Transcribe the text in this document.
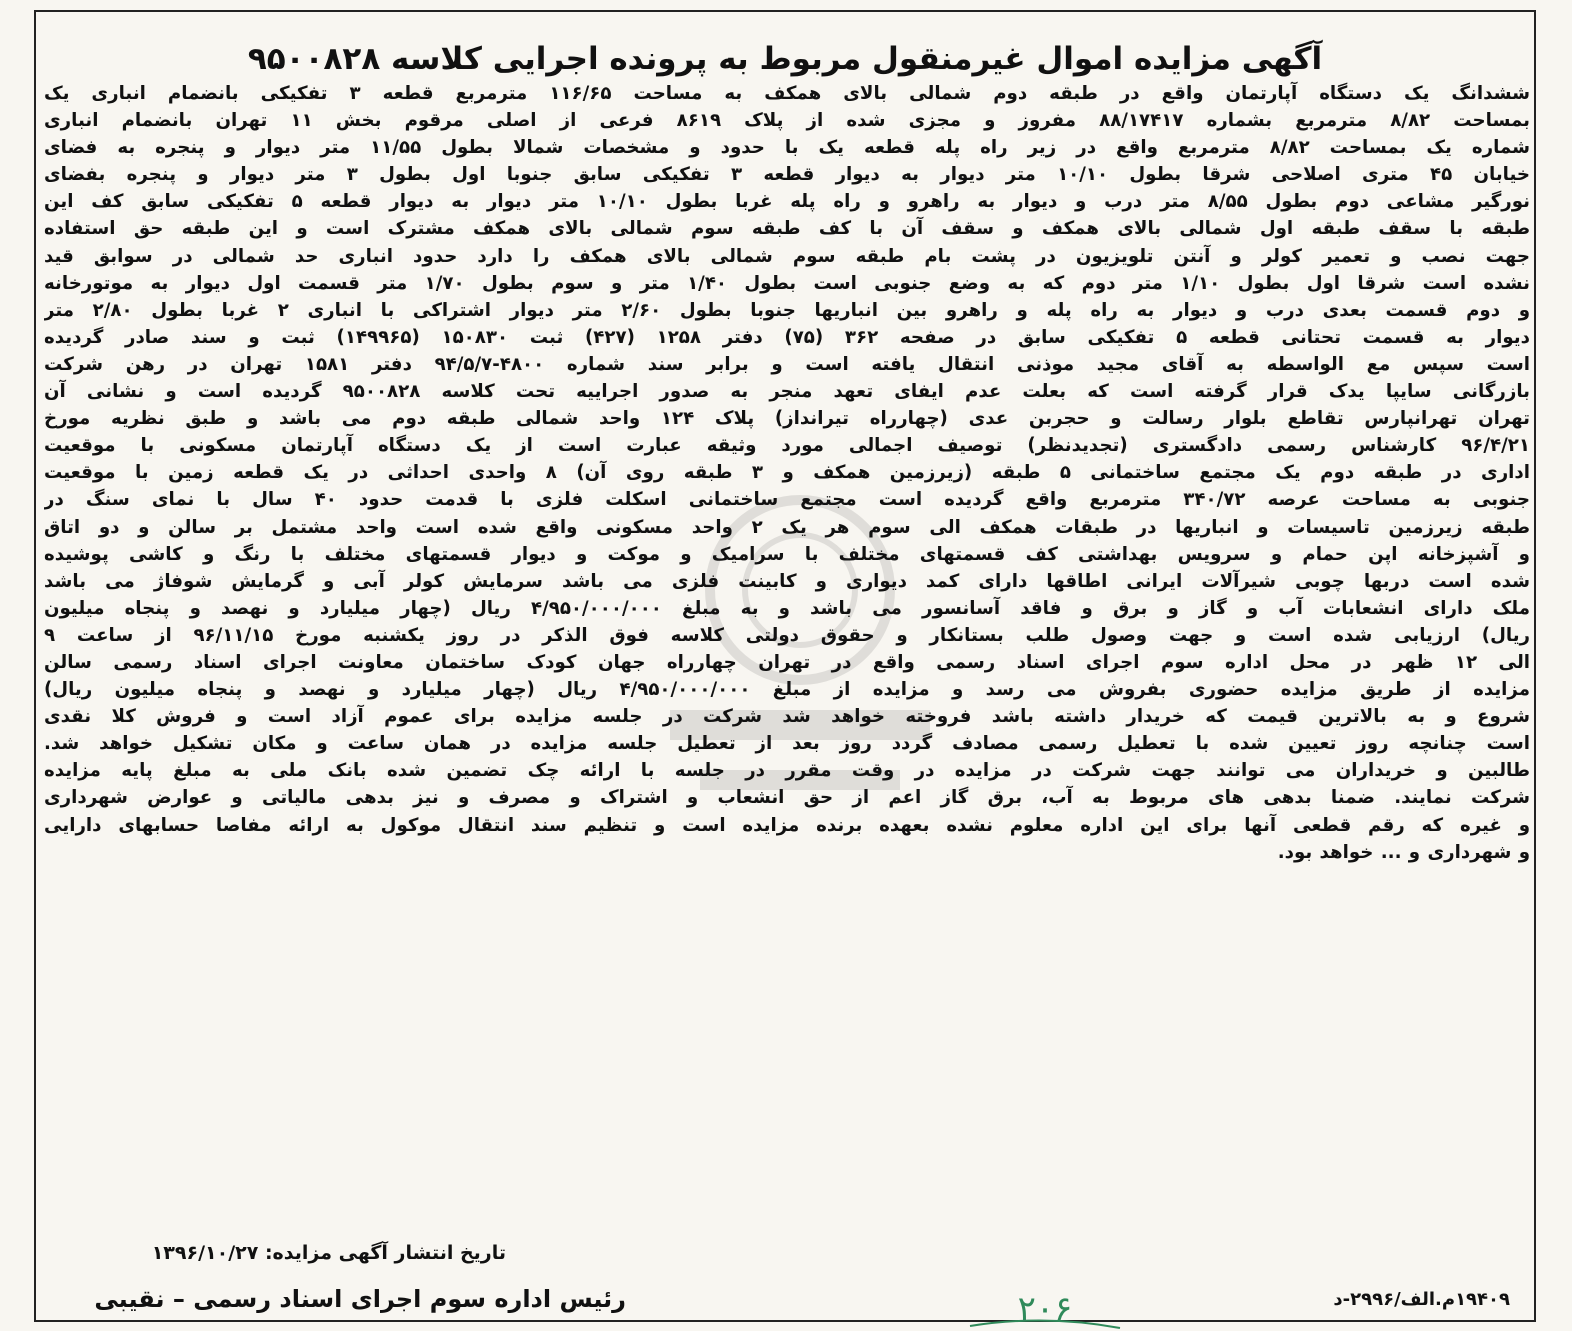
آگهی مزایده اموال غیرمنقول مربوط به پرونده اجرایی کلاسه ۹۵۰۰۸۲۸
ششدانگ یک دستگاه آپارتمان واقع در طبقه دوم شمالی بالای همکف به مساحت ۱۱۶/۶۵ مترمربع قطعه ۳ تفکیکی بانضمام انباری یک
بمساحت ۸/۸۲ مترمربع بشماره ۸۸/۱۷۴۱۷ مفروز و مجزی شده از پلاک ۸۶۱۹ فرعی از اصلی مرقوم بخش ۱۱ تهران بانضمام انباری
شماره یک بمساحت ۸/۸۲ مترمربع واقع در زیر راه پله قطعه یک با حدود و مشخصات شمالا بطول ۱۱/۵۵ متر دیوار و پنجره به فضای
خیابان ۴۵ متری اصلاحی شرقا بطول ۱۰/۱۰ متر دیوار به دیوار قطعه ۳ تفکیکی سابق جنوبا اول بطول ۳ متر دیوار و پنجره بفضای
نورگیر مشاعی دوم بطول ۸/۵۵ متر درب و دیوار به راهرو و راه پله غربا بطول ۱۰/۱۰ متر دیوار به دیوار قطعه ۵ تفکیکی سابق کف این
طبقه با سقف طبقه اول شمالی بالای همکف و سقف آن با کف طبقه سوم شمالی بالای همکف مشترک است و این طبقه حق استفاده
جهت نصب و تعمیر کولر و آنتن تلویزیون در پشت بام طبقه سوم شمالی بالای همکف را دارد حدود انباری حد شمالی در سوابق قید
نشده است شرقا اول بطول ۱/۱۰ متر دوم که به وضع جنوبی است بطول ۱/۴۰ متر و سوم بطول ۱/۷۰ متر قسمت اول دیوار به موتورخانه
و دوم قسمت بعدی درب و دیوار به راه پله و راهرو بین انباریها جنوبا بطول ۲/۶۰ متر دیوار اشتراکی با انباری ۲ غربا بطول ۲/۸۰ متر
دیوار به قسمت تحتانی قطعه ۵ تفکیکی سابق در صفحه ۳۶۲ (۷۵) دفتر ۱۲۵۸ (۴۲۷) ثبت ۱۵۰۸۳۰ (۱۴۹۹۶۵) ثبت و سند صادر گردیده
است سپس مع الواسطه به آقای مجید موذنی انتقال یافته است و برابر سند شماره ۴۸۰۰-۹۴/۵/۷ دفتر ۱۵۸۱ تهران در رهن شرکت
بازرگانی سایپا یدک قرار گرفته است که بعلت عدم ایفای تعهد منجر به صدور اجراییه تحت کلاسه ۹۵۰۰۸۲۸ گردیده است و نشانی آن
تهران تهرانپارس تقاطع بلوار رسالت و حجربن عدی (چهارراه تیرانداز) پلاک ۱۲۴ واحد شمالی طبقه دوم می باشد و طبق نظریه مورخ
۹۶/۴/۲۱ کارشناس رسمی دادگستری (تجدیدنظر) توصیف اجمالی مورد وثیقه عبارت است از یک دستگاه آپارتمان مسکونی با موقعیت
اداری در طبقه دوم یک مجتمع ساختمانی ۵ طبقه (زیرزمین همکف و ۳ طبقه روی آن) ۸ واحدی احداثی در یک قطعه زمین با موقعیت
جنوبی به مساحت عرصه ۳۴۰/۷۲ مترمربع واقع گردیده است مجتمع ساختمانی اسکلت فلزی با قدمت حدود ۴۰ سال با نمای سنگ در
طبقه زیرزمین تاسیسات و انباریها در طبقات همکف الی سوم هر یک ۲ واحد مسکونی واقع شده است واحد مشتمل بر سالن و دو اتاق
و آشپزخانه اپن حمام و سرویس بهداشتی کف قسمتهای مختلف با سرامیک و موکت و دیوار قسمتهای مختلف با رنگ و کاشی پوشیده
شده است دربها چوبی شیرآلات ایرانی اطاقها دارای کمد دیواری و کابینت فلزی می باشد سرمایش کولر آبی و گرمایش شوفاژ می باشد
ملک دارای انشعابات آب و گاز و برق و فاقد آسانسور می باشد و به مبلغ ۴/۹۵۰/۰۰۰/۰۰۰ ریال (چهار میلیارد و نهصد و پنجاه میلیون
ریال) ارزیابی شده است و جهت وصول طلب بستانکار و حقوق دولتی کلاسه فوق الذکر در روز یکشنبه مورخ ۹۶/۱۱/۱۵ از ساعت ۹
الی ۱۲ ظهر در محل اداره سوم اجرای اسناد رسمی واقع در تهران چهارراه جهان کودک ساختمان معاونت اجرای اسناد رسمی سالن
مزایده از طریق مزایده حضوری بفروش می رسد و مزایده از مبلغ ۴/۹۵۰/۰۰۰/۰۰۰ ریال (چهار میلیارد و نهصد و پنجاه میلیون ریال)
شروع و به بالاترین قیمت که خریدار داشته باشد فروخته خواهد شد شرکت در جلسه مزایده برای عموم آزاد است و فروش کلا نقدی
است چنانچه روز تعیین شده با تعطیل رسمی مصادف گردد روز بعد از تعطیل جلسه مزایده در همان ساعت و مکان تشکیل خواهد شد.
طالبین و خریداران می توانند جهت شرکت در مزایده در وقت مقرر در جلسه با ارائه چک تضمین شده بانک ملی به مبلغ پایه مزایده
شرکت نمایند. ضمنا بدهی های مربوط به آب، برق گاز اعم از حق انشعاب و اشتراک و مصرف و نیز بدهی مالیاتی و عوارض شهرداری
و غیره که رقم قطعی آنها برای این اداره معلوم نشده بعهده برنده مزایده است و تنظیم سند انتقال موکول به ارائه مفاصا حسابهای دارایی
و شهرداری و ... خواهد بود.
تاریخ انتشار آگهی مزایده: ۱۳۹۶/۱۰/۲۷
رئیس اداره سوم اجرای اسناد رسمی – نقیبی	۱۹۴۰۹م.الف/۲۹۹۶-د
۲۰۶
